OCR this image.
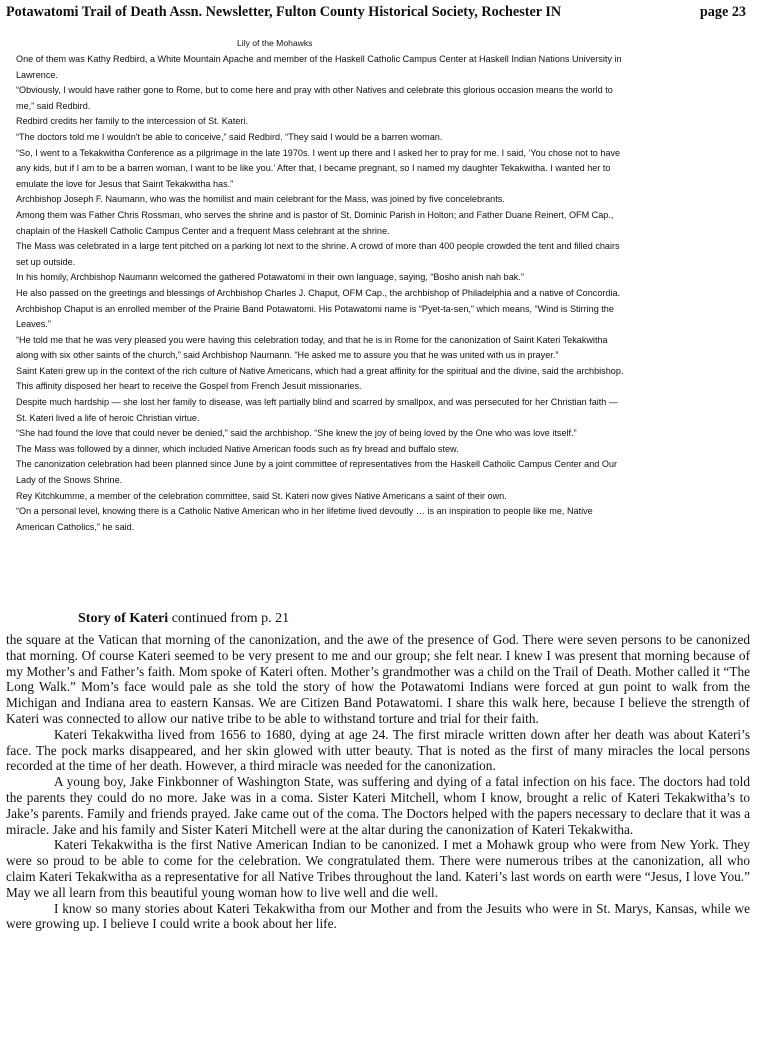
Potawatomi Trail of Death Assn. Newsletter, Fulton County Historical Society, Rochester IN	page 23
Lily of the Mohawks

One of them was Kathy Redbird, a White Mountain Apache and member of the Haskell Catholic Campus Center at Haskell Indian Nations University in Lawrence.

“Obviously, I would have rather gone to Rome, but to come here and pray with other Natives and celebrate this glorious occasion means the world to me,” said Redbird.

Redbird credits her family to the intercession of St. Kateri.

“The doctors told me I wouldn't be able to conceive,” said Redbird. “They said I would be a barren woman.

“So, I went to a Tekakwitha Conference as a pilgrimage in the late 1970s. I went up there and I asked her to pray for me. I said, ‘You chose not to have any kids, but if I am to be a barren woman, I want to be like you.’ After that, I became pregnant, so I named my daughter Tekakwitha. I wanted her to emulate the love for Jesus that Saint Tekakwitha has.”

Archbishop Joseph F. Naumann, who was the homilist and main celebrant for the Mass, was joined by five concelebrants.

Among them was Father Chris Rossman, who serves the shrine and is pastor of St. Dominic Parish in Holton; and Father Duane Reinert, OFM Cap., chaplain of the Haskell Catholic Campus Center and a frequent Mass celebrant at the shrine.

The Mass was celebrated in a large tent pitched on a parking lot next to the shrine. A crowd of more than 400 people crowded the tent and filled chairs set up outside.

In his homily, Archbishop Naumann welcomed the gathered Potawatomi in their own language, saying, “Bosho anish nah bak.”

He also passed on the greetings and blessings of Archbishop Charles J. Chaput, OFM Cap., the archbishop of Philadelphia and a native of Concordia.

Archbishop Chaput is an enrolled member of the Prairie Band Potawatomi. His Potawatomi name is “Pyet-ta-sen,” which means, “Wind is Stirring the Leaves.”

“He told me that he was very pleased you were having this celebration today, and that he is in Rome for the canonization of Saint Kateri Tekakwitha along with six other saints of the church,” said Archbishop Naumann. “He asked me to assure you that he was united with us in prayer.”

Saint Kateri grew up in the context of the rich culture of Native Americans, which had a great affinity for the spiritual and the divine, said the archbishop. This affinity disposed her heart to receive the Gospel from French Jesuit missionaries.

Despite much hardship — she lost her family to disease, was left partially blind and scarred by smallpox, and was persecuted for her Christian faith — St. Kateri lived a life of heroic Christian virtue.

“She had found the love that could never be denied,” said the archbishop. “She knew the joy of being loved by the One who was love itself.”

The Mass was followed by a dinner, which included Native American foods such as fry bread and buffalo stew.

The canonization celebration had been planned since June by a joint committee of representatives from the Haskell Catholic Campus Center and Our Lady of the Snows Shrine.

Rey Kitchkumme, a member of the celebration committee, said St. Kateri now gives Native Americans a saint of their own.

“On a personal level, knowing there is a Catholic Native American who in her lifetime lived devoutly … is an inspiration to people like me, Native American Catholics,” he said.

Story of Kateri continued from p. 21

the square at the Vatican that morning of the canonization, and the awe of the presence of God. There were seven persons to be canonized that morning. Of course Kateri seemed to be very present to me and our group; she felt near. I knew I was present that morning because of my Mother’s and Father’s faith. Mom spoke of Kateri often. Mother’s grandmother was a child on the Trail of Death. Mother called it “The Long Walk.” Mom’s face would pale as she told the story of how the Potawatomi Indians were forced at gun point to walk from the Michigan and Indiana area to eastern Kansas. We are Citizen Band Potawatomi. I share this walk here, because I believe the strength of Kateri was connected to allow our native tribe to be able to withstand torture and trial for their faith.

Kateri Tekakwitha lived from 1656 to 1680, dying at age 24. The first miracle written down after her death was about Kateri’s face. The pock marks disappeared, and her skin glowed with utter beauty. That is noted as the first of many miracles the local persons recorded at the time of her death. However, a third miracle was needed for the canonization.

A young boy, Jake Finkbonner of Washington State, was suffering and dying of a fatal infection on his face. The doctors had told the parents they could do no more. Jake was in a coma. Sister Kateri Mitchell, whom I know, brought a relic of Kateri Tekakwitha’s to Jake’s parents. Family and friends prayed. Jake came out of the coma. The Doctors helped with the papers necessary to declare that it was a miracle. Jake and his family and Sister Kateri Mitchell were at the altar during the canonization of Kateri Tekakwitha.

Kateri Tekakwitha is the first Native American Indian to be canonized. I met a Mohawk group who were from New York. They were so proud to be able to come for the celebration. We congratulated them. There were numerous tribes at the canonization, all who claim Kateri Tekakwitha as a representative for all Native Tribes throughout the land. Kateri’s last words on earth were “Jesus, I love You.” May we all learn from this beautiful young woman how to live well and die well.

I know so many stories about Kateri Tekakwitha from our Mother and from the Jesuits who were in St. Marys, Kansas, while we were growing up. I believe I could write a book about her life.
